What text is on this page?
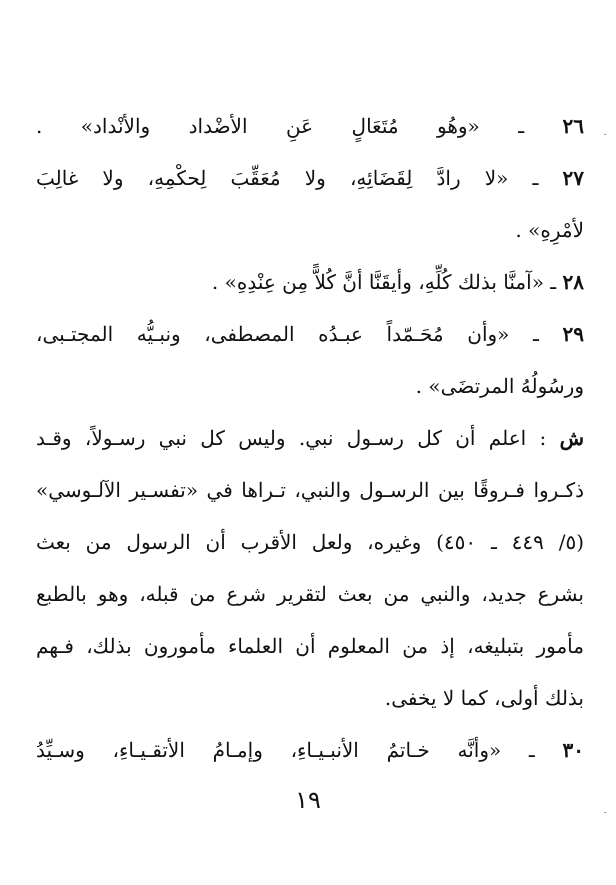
٢٦ ـ «وهُو مُتَعَالٍ عَنِ الأضْداد والأنْداد» .
٢٧ ـ «لا رادَّ لِقَضَائِهِ، ولا مُعَقِّبَ لِحكْمِهِ، ولا غالِبَ
لأمْرِهِ» .
٢٨ ـ «آمنَّا بذلك كُلِّهِ، وأيقَنَّا أنَّ كُلاًّ مِن عِنْدِهِ» .
٢٩ ـ «وأن مُحَـمّداً عبـدُه المصطفى، ونبـيُّه المجتـبى،
ورسُولُهُ المرتضَى» .
ش : اعلم أن كل رسـول نبي. وليس كل نبي رسـولاً، وقـد
ذكـروا فـروقًا بين الرسـول والنبي، تـراها في «تفسـير الآلـوسي»
(٥/ ٤٤٩ ـ ٤٥٠) وغيره، ولعل الأقرب أن الرسول من بعث
بشرع جديد، والنبي من بعث لتقرير شرع من قبله، وهو بالطبع
مأمور بتبليغه، إذ من المعلوم أن العلماء مأمورون بذلك، فـهم
بذلك أولى، كما لا يخفى.
٣٠ ـ «وأنَّه خـاتمُ الأنبـيـاءِ، وإمـامُ الأتقـيـاءِ، وسـيِّدُ
١٩
ـ
ـ
